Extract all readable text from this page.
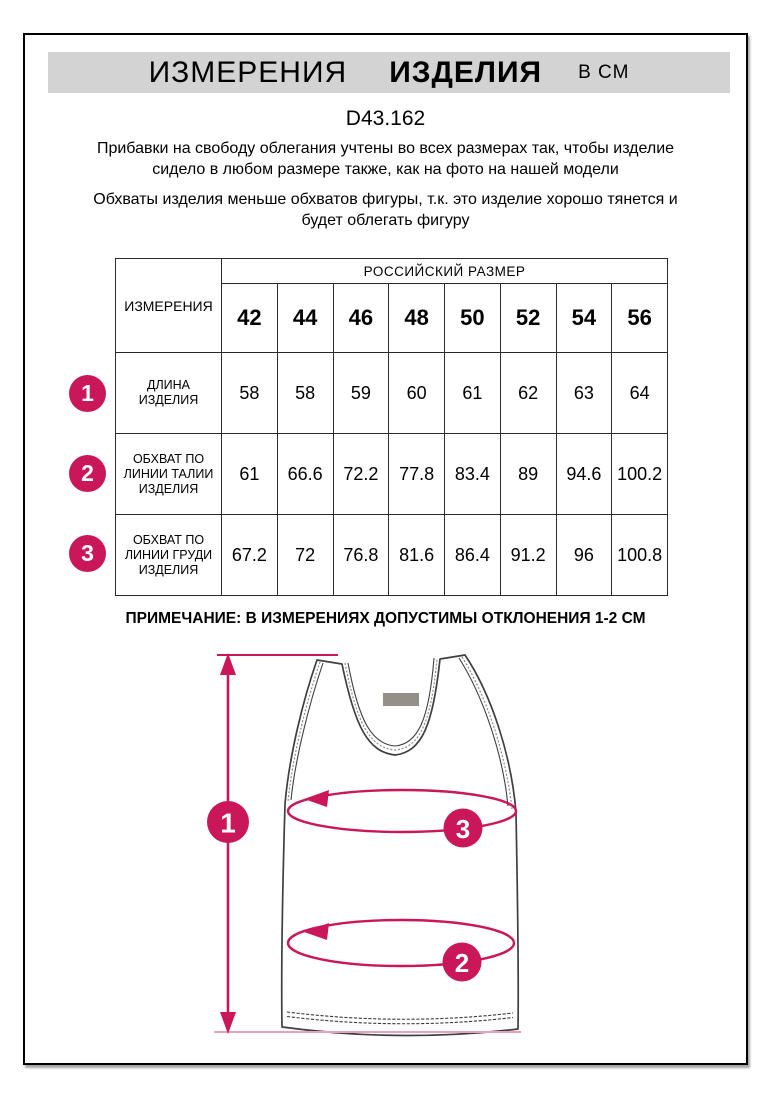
ИЗМЕРЕНИЯ ИЗДЕЛИЯ В СМ
D43.162

Прибавки на свободу облегания учтены во всех размерах так, чтобы изделие сидело в любом размере также, как на фото на нашей модели

Обхваты изделия меньше обхватов фигуры, т.к. это изделие хорошо тянется и будет облегать фигуру

ИЗМЕРЕНИЯ	РОССИЙСКИЙ РАЗМЕР							
	42	44	46	48	50	52	54	56
ДЛИНА ИЗДЕЛИЯ	58	58	59	60	61	62	63	64
ОБХВАТ ПО ЛИНИИ ТАЛИИ ИЗДЕЛИЯ	61	66.6	72.2	77.8	83.4	89	94.6	100.2
ОБХВАТ ПО ЛИНИИ ГРУДИ ИЗДЕЛИЯ	67.2	72	76.8	81.6	86.4	91.2	96	100.8
1
2
3
ПРИМЕЧАНИЕ: В ИЗМЕРЕНИЯХ ДОПУСТИМЫ ОТКЛОНЕНИЯ 1-2 СМ
1	3
2
